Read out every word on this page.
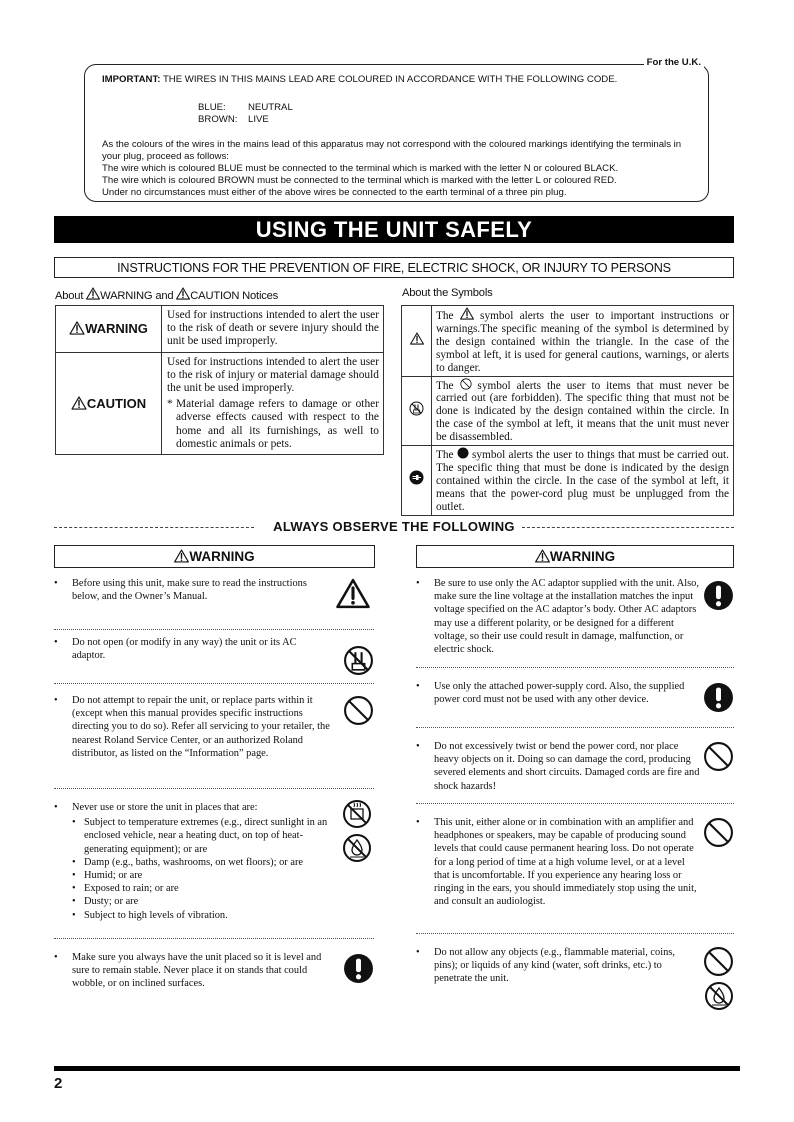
For the U.K.
IMPORTANT: THE WIRES IN THIS MAINS LEAD ARE COLOURED IN ACCORDANCE WITH THE FOLLOWING CODE.
BLUE: NEUTRAL
BROWN: LIVE
As the colours of the wires in the mains lead of this apparatus may not correspond with the coloured markings identifying the terminals in your plug, proceed as follows:
The wire which is coloured BLUE must be connected to the terminal which is marked with the letter N or coloured BLACK.
The wire which is coloured BROWN must be connected to the terminal which is marked with the letter L or coloured RED.
Under no circumstances must either of the above wires be connected to the earth terminal of a three pin plug.
USING THE UNIT SAFELY
INSTRUCTIONS FOR THE PREVENTION OF FIRE, ELECTRIC SHOCK, OR INJURY TO PERSONS
About WARNING and CAUTION Notices	About the Symbols
WARNING	Used for instructions intended to alert the user to the risk of death or severe injury should the unit be used improperly.
CAUTION	Used for instructions intended to alert the user to the risk of injury or material damage should the unit be used improperly.
* Material damage refers to damage or other adverse effects caused with respect to the home and all its furnishings, as well to domestic animals or pets.
	The  symbol alerts the user to important instructions or warnings.The specific meaning of the symbol is determined by the design contained within the triangle. In the case of the symbol at left, it is used for general cautions, warnings, or alerts to danger.
	The  symbol alerts the user to items that must never be carried out (are forbidden). The specific thing that must not be done is indicated by the design contained within the circle. In the case of the symbol at left, it means that the unit must never be disassembled.
	The  symbol alerts the user to things that must be carried out. The specific thing that must be done is indicated by the design contained within the circle. In the case of the symbol at left, it means that the power-cord plug must be unplugged from the outlet.
ALWAYS OBSERVE THE FOLLOWING
WARNING	WARNING
• Before using this unit, make sure to read the instructions below, and the Owner’s Manual.
• Do not open (or modify in any way) the unit or its AC adaptor.
• Do not attempt to repair the unit, or replace parts within it (except when this manual provides specific instructions directing you to do so). Refer all servicing to your retailer, the nearest Roland Service Center, or an authorized Roland distributor, as listed on the “Information” page.
• Never use or store the unit in places that are:
• Subject to temperature extremes (e.g., direct sunlight in an enclosed vehicle, near a heating duct, on top of heat-generating equipment); or are
• Damp (e.g., baths, washrooms, on wet floors); or are
• Humid; or are
• Exposed to rain; or are
• Dusty; or are
• Subject to high levels of vibration.
• Make sure you always have the unit placed so it is level and sure to remain stable. Never place it on stands that could wobble, or on inclined surfaces.
• Be sure to use only the AC adaptor supplied with the unit. Also, make sure the line voltage at the installation matches the input voltage specified on the AC adaptor’s body. Other AC adaptors may use a different polarity, or be designed for a different voltage, so their use could result in damage, malfunction, or electric shock.
• Use only the attached power-supply cord. Also, the supplied power cord must not be used with any other device.
• Do not excessively twist or bend the power cord, nor place heavy objects on it. Doing so can damage the cord, producing severed elements and short circuits. Damaged cords are fire and shock hazards!
• This unit, either alone or in combination with an amplifier and headphones or speakers, may be capable of producing sound levels that could cause permanent hearing loss. Do not operate for a long period of time at a high volume level, or at a level that is uncomfortable. If you experience any hearing loss or ringing in the ears, you should immediately stop using the unit, and consult an audiologist.
• Do not allow any objects (e.g., flammable material, coins, pins); or liquids of any kind (water, soft drinks, etc.) to penetrate the unit.
2
